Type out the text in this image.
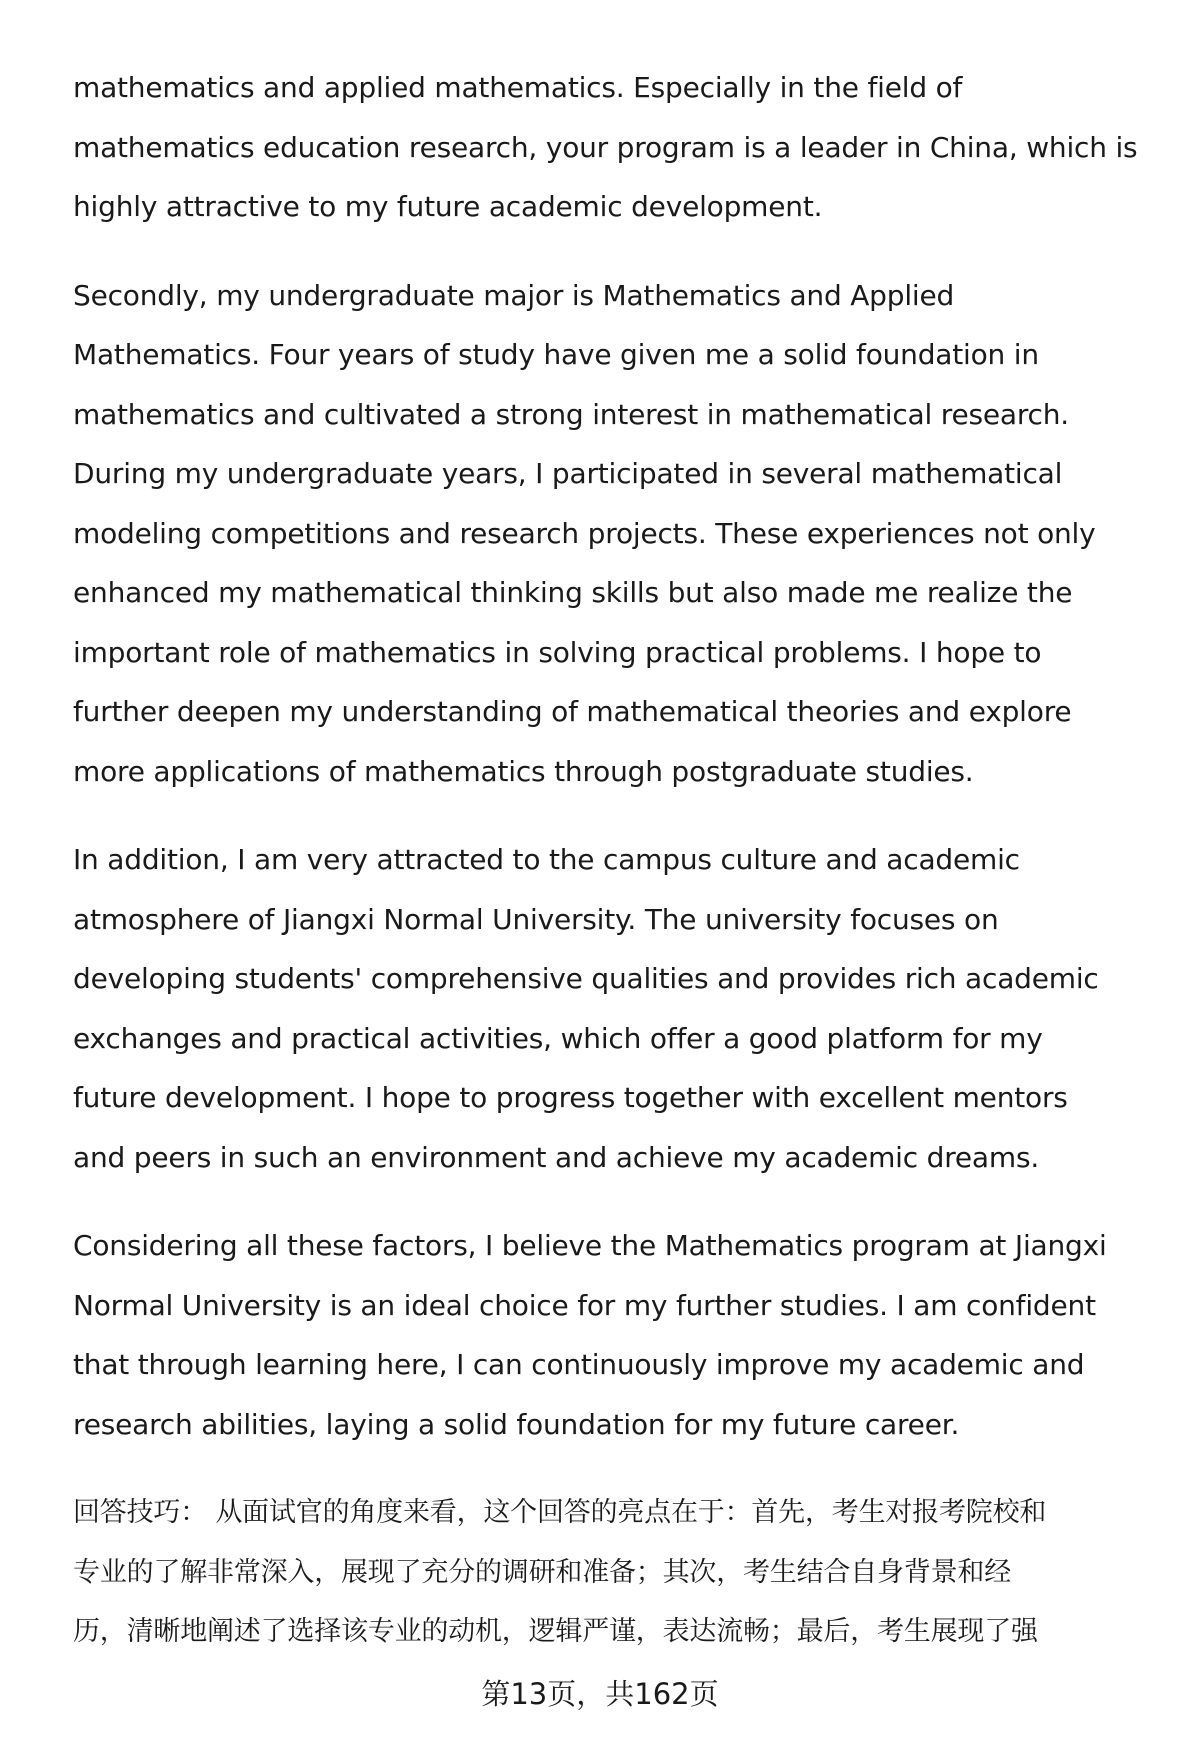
mathematics and applied mathematics. Especially in the field of
mathematics education research, your program is a leader in China, which is
highly attractive to my future academic development.
Secondly, my undergraduate major is Mathematics and Applied
Mathematics. Four years of study have given me a solid foundation in
mathematics and cultivated a strong interest in mathematical research.
During my undergraduate years, I participated in several mathematical
modeling competitions and research projects. These experiences not only
enhanced my mathematical thinking skills but also made me realize the
important role of mathematics in solving practical problems. I hope to
further deepen my understanding of mathematical theories and explore
more applications of mathematics through postgraduate studies.
In addition, I am very attracted to the campus culture and academic
atmosphere of Jiangxi Normal University. The university focuses on
developing students' comprehensive qualities and provides rich academic
exchanges and practical activities, which offer a good platform for my
future development. I hope to progress together with excellent mentors
and peers in such an environment and achieve my academic dreams.
Considering all these factors, I believe the Mathematics program at Jiangxi
Normal University is an ideal choice for my further studies. I am confident
that through learning here, I can continuously improve my academic and
research abilities, laying a solid foundation for my future career.
回答技巧： 从面试官的角度来看，这个回答的亮点在于：首先，考生对报考院校和
专业的了解非常深入，展现了充分的调研和准备；其次，考生结合自身背景和经
历，清晰地阐述了选择该专业的动机，逻辑严谨，表达流畅；最后，考生展现了强
第13页，共162页
